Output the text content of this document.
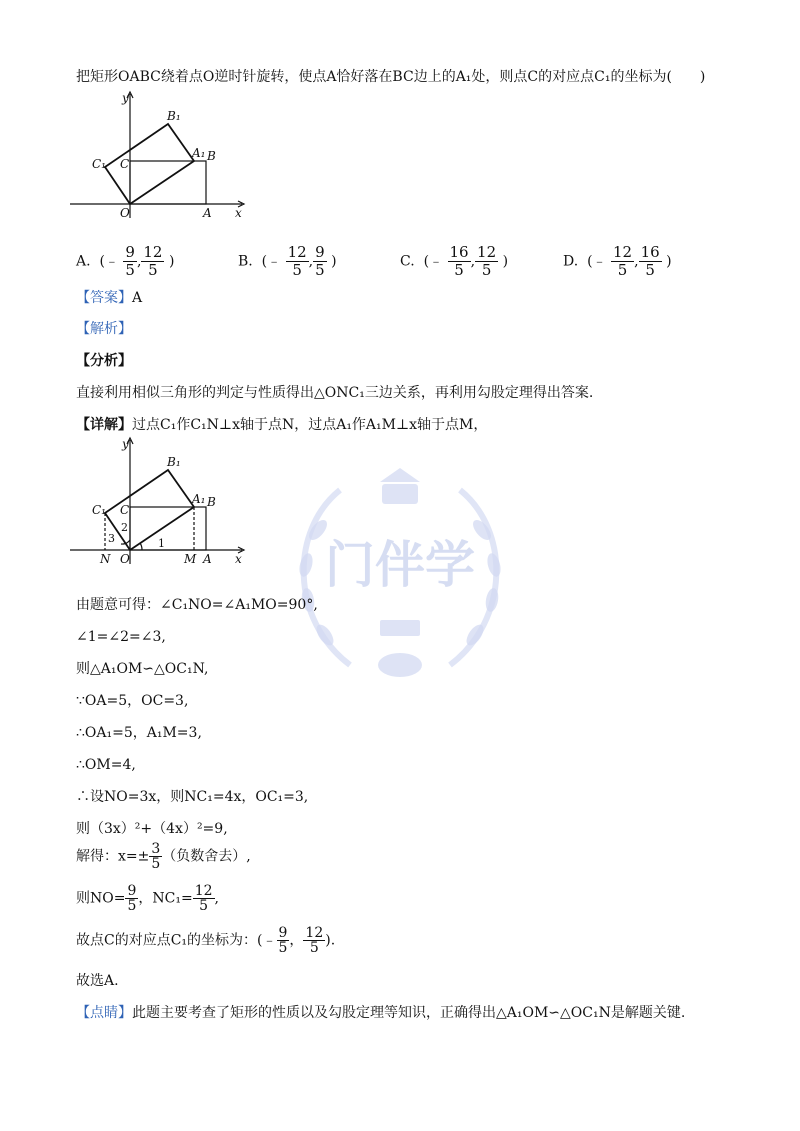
门伴学
把矩形OABC绕着点O逆时针旋转，使点A恰好落在BC边上的A₁处，则点C的对应点C₁的坐标为(　　)
y
x
O	A
B
A₁
B₁
C
C₁
A. (﹣ $\frac{9}{5}$ , $\frac{12}{5}$ )	B. (﹣ $\frac{12}{5}$ , $\frac{9}{5}$ )	C. (﹣ $\frac{16}{5}$ , $\frac{12}{5}$ )	D. (﹣ $\frac{12}{5}$ , $\frac{16}{5}$ )
【答案】A
【解析】
【分析】
直接利用相似三角形的判定与性质得出△ONC₁三边关系，再利用勾股定理得出答案.
【详解】过点C₁作C₁N⊥x轴于点N，过点A₁作A₁M⊥x轴于点M，
y
x
O	A
N	M
B
A₁
B₁
C
C₁
1
2
3
由题意可得：∠C₁NO=∠A₁MO=90°,
∠1=∠2=∠3,
则△A₁OM∽△OC₁N,
∵OA=5，OC=3,
∴OA₁=5，A₁M=3,
∴OM=4,
∴设NO=3x，则NC₁=4x，OC₁=3,
则（3x）²+（4x）²=9,
解得：$x=\pm \frac{3}{5}$ （负数舍去）,
则$NO= \frac{9}{5}$ ，$NC_1= \frac{12}{5}$ ,
故点C的对应点C₁的坐标为：(﹣ $\frac{9}{5}$ ， $\frac{12}{5}$ ).
故选A.
【点睛】此题主要考查了矩形的性质以及勾股定理等知识，正确得出△A₁OM∽△OC₁N是解题关键.
